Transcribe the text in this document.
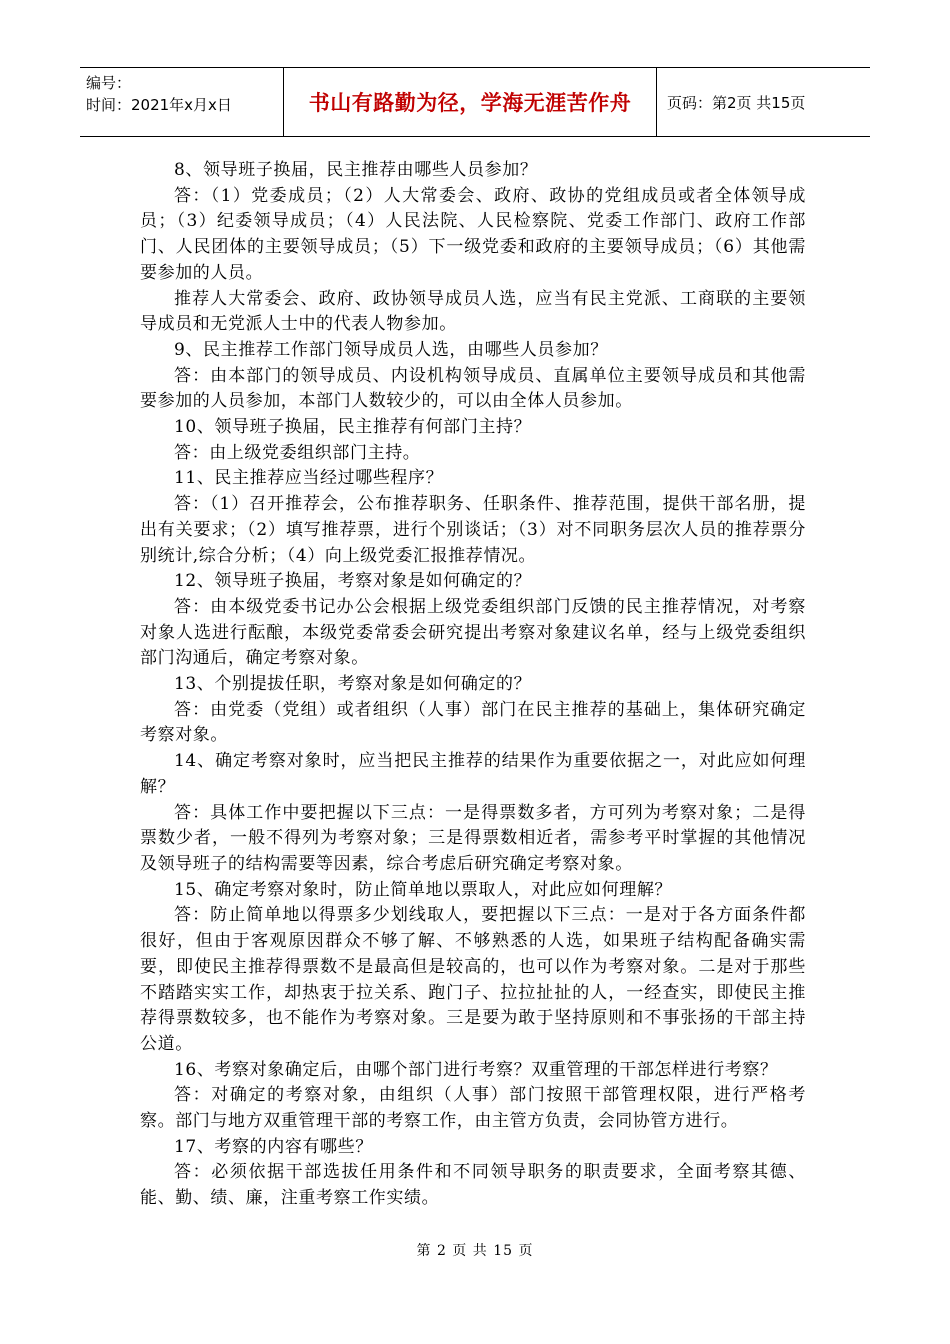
编号：
时间：2021年x月x日	书山有路勤为径，学海无涯苦作舟	页码：第2页 共15页

8、领导班子换届，民主推荐由哪些人员参加？

答：（1）党委成员；（2）人大常委会、政府、政协的党组成员或者全体领导成员；（3）纪委领导成员；（4）人民法院、人民检察院、党委工作部门、政府工作部门、人民团体的主要领导成员；（5）下一级党委和政府的主要领导成员；（6）其他需要参加的人员。

推荐人大常委会、政府、政协领导成员人选，应当有民主党派、工商联的主要领导成员和无党派人士中的代表人物参加。

9、民主推荐工作部门领导成员人选，由哪些人员参加？

答：由本部门的领导成员、内设机构领导成员、直属单位主要领导成员和其他需要参加的人员参加，本部门人数较少的，可以由全体人员参加。

10、领导班子换届，民主推荐有何部门主持？

答：由上级党委组织部门主持。

11、民主推荐应当经过哪些程序？

答：（1）召开推荐会，公布推荐职务、任职条件、推荐范围，提供干部名册，提出有关要求；（2）填写推荐票，进行个别谈话；（3）对不同职务层次人员的推荐票分别统计,综合分析；（4）向上级党委汇报推荐情况。

12、领导班子换届，考察对象是如何确定的？

答：由本级党委书记办公会根据上级党委组织部门反馈的民主推荐情况，对考察对象人选进行酝酿，本级党委常委会研究提出考察对象建议名单，经与上级党委组织部门沟通后，确定考察对象。

13、个别提拔任职，考察对象是如何确定的？

答：由党委（党组）或者组织（人事）部门在民主推荐的基础上，集体研究确定考察对象。

14、确定考察对象时，应当把民主推荐的结果作为重要依据之一，对此应如何理解？

答：具体工作中要把握以下三点：一是得票数多者，方可列为考察对象；二是得票数少者，一般不得列为考察对象；三是得票数相近者，需参考平时掌握的其他情况及领导班子的结构需要等因素，综合考虑后研究确定考察对象。

15、确定考察对象时，防止简单地以票取人，对此应如何理解？

答：防止简单地以得票多少划线取人，要把握以下三点：一是对于各方面条件都很好，但由于客观原因群众不够了解、不够熟悉的人选，如果班子结构配备确实需要，即使民主推荐得票数不是最高但是较高的，也可以作为考察对象。二是对于那些不踏踏实实工作，却热衷于拉关系、跑门子、拉拉扯扯的人，一经查实，即使民主推荐得票数较多，也不能作为考察对象。三是要为敢于坚持原则和不事张扬的干部主持公道。

16、考察对象确定后，由哪个部门进行考察？双重管理的干部怎样进行考察？

答：对确定的考察对象，由组织（人事）部门按照干部管理权限，进行严格考察。部门与地方双重管理干部的考察工作，由主管方负责，会同协管方进行。

17、考察的内容有哪些？

答：必须依据干部选拔任用条件和不同领导职务的职责要求，全面考察其德、能、勤、绩、廉，注重考察工作实绩。

第 2 页 共 15 页
